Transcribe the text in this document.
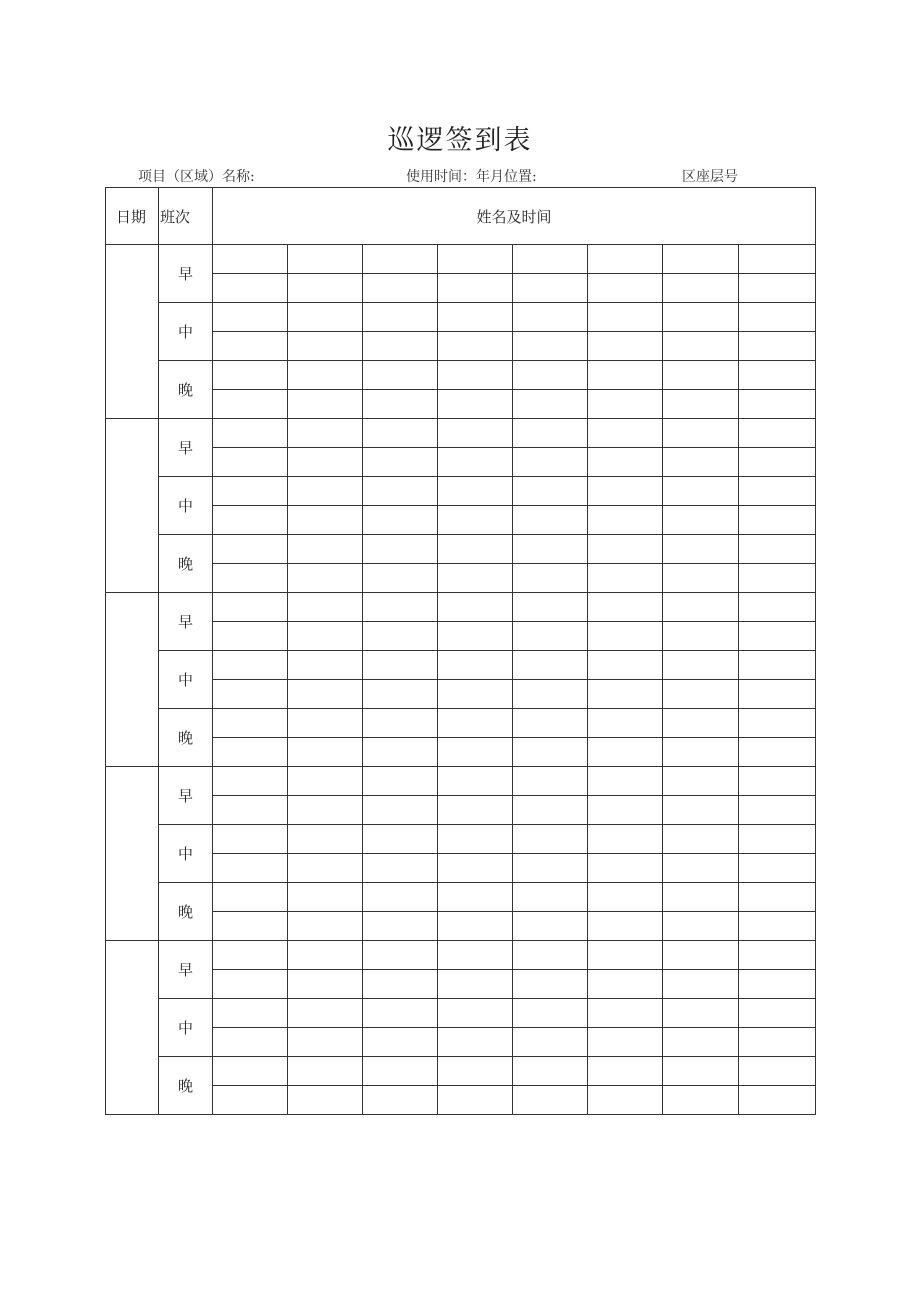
巡逻签到表
项目（区域）名称:	使用时间：年月位置:	区座层号
日期	班次	姓名及时间							
	早								

	中								

	晚								

	早								

	中								

	晚								

	早								

	中								

	晚								

	早								

	中								

	晚								

	早								

	中								

	晚								
